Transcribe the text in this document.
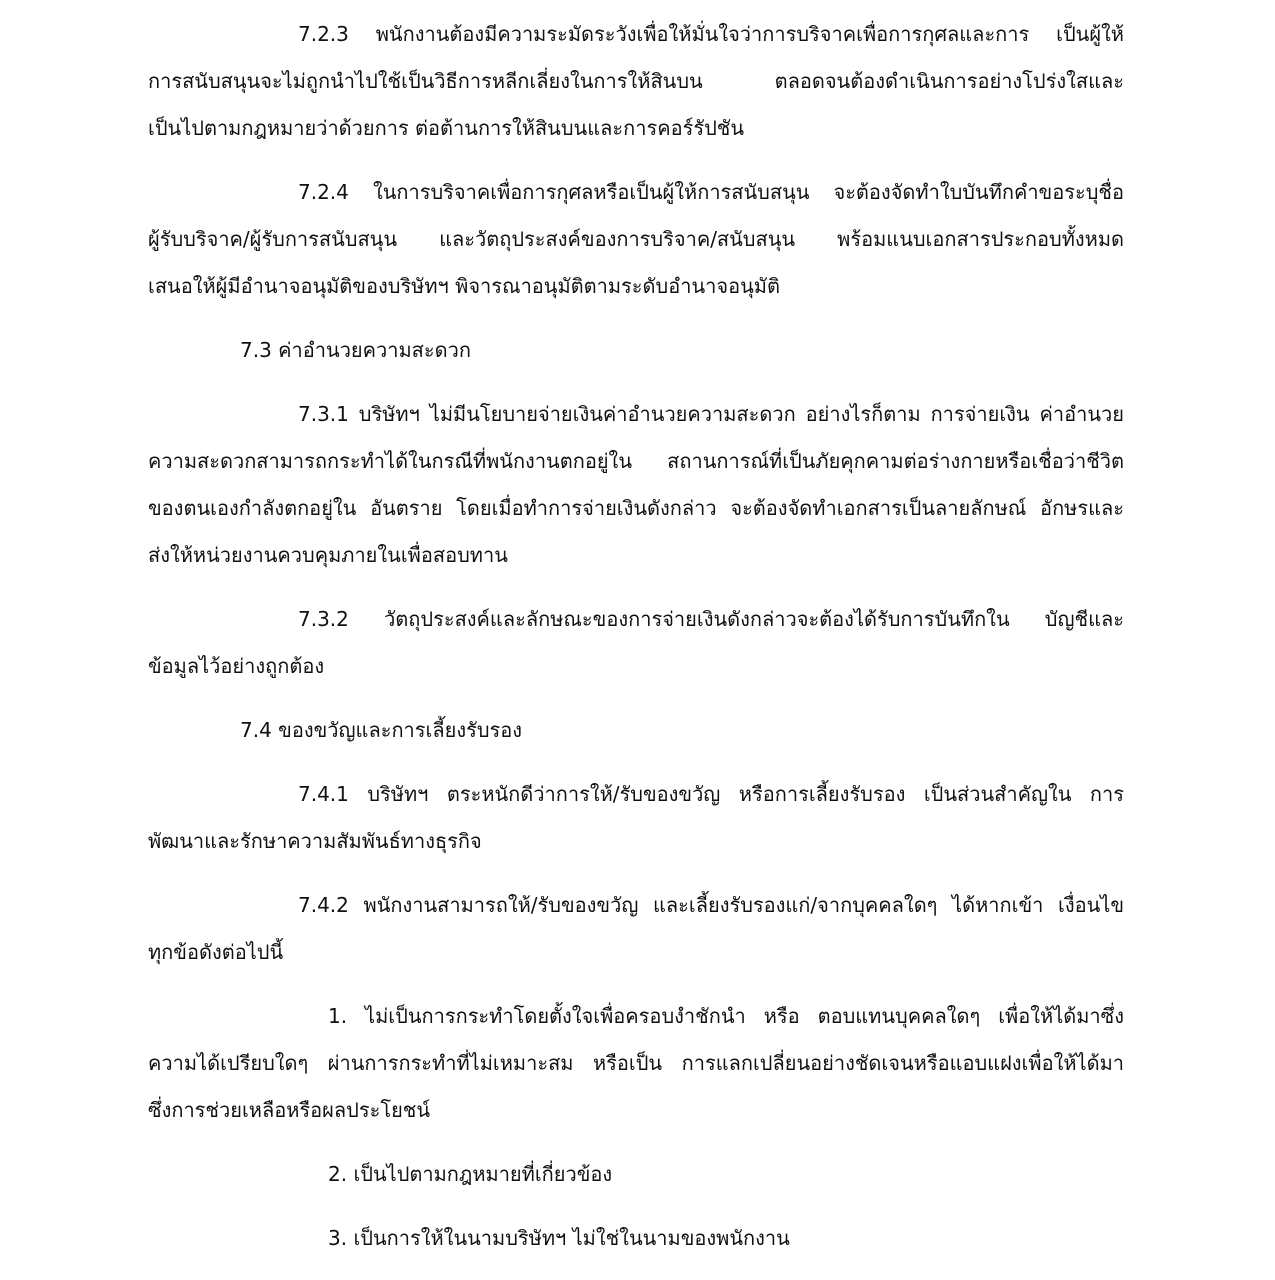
7.2.3 พนักงานต้องมีความระมัดระวังเพื่อให้มั่นใจว่าการบริจาคเพื่อการกุศลและการ เป็นผู้ให้

การสนับสนุนจะไม่ถูกนำไปใช้เป็นวิธีการหลีกเลี่ยงในการให้สินบน ตลอดจนต้องดำเนินการอย่างโปร่งใสและ

เป็นไปตามกฎหมายว่าด้วยการ ต่อต้านการให้สินบนและการคอร์รัปชัน

7.2.4 ในการบริจาคเพื่อการกุศลหรือเป็นผู้ให้การสนับสนุน จะต้องจัดทำใบบันทึกคำขอระบุชื่อ

ผู้รับบริจาค/ผู้รับการสนับสนุน และวัตถุประสงค์ของการบริจาค/สนับสนุน พร้อมแนบเอกสารประกอบทั้งหมด

เสนอให้ผู้มีอำนาจอนุมัติของบริษัทฯ พิจารณาอนุมัติตามระดับอำนาจอนุมัติ

7.3 ค่าอำนวยความสะดวก

7.3.1 บริษัทฯ ไม่มีนโยบายจ่ายเงินค่าอำนวยความสะดวก อย่างไรก็ตาม การจ่ายเงิน ค่าอำนวย

ความสะดวกสามารถกระทำได้ในกรณีที่พนักงานตกอยู่ใน สถานการณ์ที่เป็นภัยคุกคามต่อร่างกายหรือเชื่อว่าชีวิต

ของตนเองกำลังตกอยู่ใน อันตราย โดยเมื่อทำการจ่ายเงินดังกล่าว จะต้องจัดทำเอกสารเป็นลายลักษณ์ อักษรและ

ส่งให้หน่วยงานควบคุมภายในเพื่อสอบทาน

7.3.2 วัตถุประสงค์และลักษณะของการจ่ายเงินดังกล่าวจะต้องได้รับการบันทึกใน บัญชีและ

ข้อมูลไว้อย่างถูกต้อง

7.4 ของขวัญและการเลี้ยงรับรอง

7.4.1 บริษัทฯ ตระหนักดีว่าการให้/รับของขวัญ หรือการเลี้ยงรับรอง เป็นส่วนสำคัญใน การ

พัฒนาและรักษาความสัมพันธ์ทางธุรกิจ

7.4.2 พนักงานสามารถให้/รับของขวัญ และเลี้ยงรับรองแก่/จากบุคคลใดๆ ได้หากเข้า เงื่อนไข

ทุกข้อดังต่อไปนี้

1. ไม่เป็นการกระทำโดยตั้งใจเพื่อครอบงำชักนำ หรือ ตอบแทนบุคคลใดๆ เพื่อให้ได้มาซึ่ง

ความได้เปรียบใดๆ ผ่านการกระทำที่ไม่เหมาะสม หรือเป็น การแลกเปลี่ยนอย่างชัดเจนหรือแอบแฝงเพื่อให้ได้มา

ซึ่งการช่วยเหลือหรือผลประโยชน์

2. เป็นไปตามกฎหมายที่เกี่ยวข้อง

3. เป็นการให้ในนามบริษัทฯ ไม่ใช่ในนามของพนักงาน
